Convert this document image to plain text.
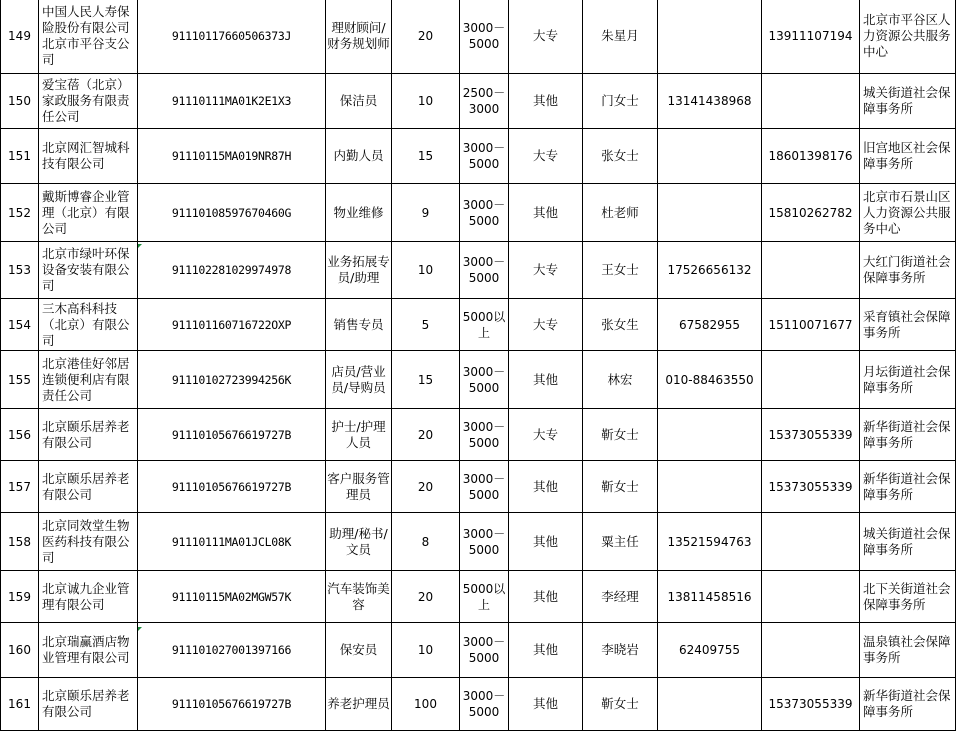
149	中国人民人寿保险股份有限公司北京市平谷支公司	91110117660506373J	理财顾问/财务规划师	20	3000－5000	大专	朱星月		13911107194	北京市平谷区人力资源公共服务中心
150	爱宝蓓（北京）家政服务有限责任公司	91110111MA01K2E1X3	保洁员	10	2500－3000	其他	门女士	13141438968		城关街道社会保障事务所
151	北京网汇智城科技有限公司	91110115MA019NR87H	内勤人员	15	3000－5000	大专	张女士		18601398176	旧宫地区社会保障事务所
152	戴斯博睿企业管理（北京）有限公司	91110108597670460G	物业维修	9	3000－5000	其他	杜老师		15810262782	北京市石景山区人力资源公共服务中心
153	北京市绿叶环保设备安装有限公司	911102281029974978	业务拓展专员/助理	10	3000－5000	大专	王女士	17526656132		大红门街道社会保障事务所
154	三木高科科技（北京）有限公司	911101160716722OXP	销售专员	5	5000以上	大专	张女生	67582955	15110071677	采育镇社会保障事务所
155	北京港佳好邻居连锁便利店有限责任公司	91110102723994256K	店员/营业员/导购员	15	3000－5000	其他	林宏	010-88463550		月坛街道社会保障事务所
156	北京颐乐居养老有限公司	91110105676619727B	护士/护理人员	20	3000－5000	大专	靳女士		15373055339	新华街道社会保障事务所
157	北京颐乐居养老有限公司	91110105676619727B	客户服务管理员	20	3000－5000	其他	靳女士		15373055339	新华街道社会保障事务所
158	北京同效堂生物医药科技有限公司	91110111MA01JCL08K	助理/秘书/文员	8	3000－5000	其他	粟主任	13521594763		城关街道社会保障事务所
159	北京诚九企业管理有限公司	91110115MA02MGW57K	汽车装饰美容	20	5000以上	其他	李经理	13811458516		北下关街道社会保障事务所
160	北京瑞赢酒店物业管理有限公司	911101027001397166	保安员	10	3000－5000	其他	李晓岩	62409755		温泉镇社会保障事务所
161	北京颐乐居养老有限公司	91110105676619727B	养老护理员	100	3000－5000	其他	靳女士		15373055339	新华街道社会保障事务所
